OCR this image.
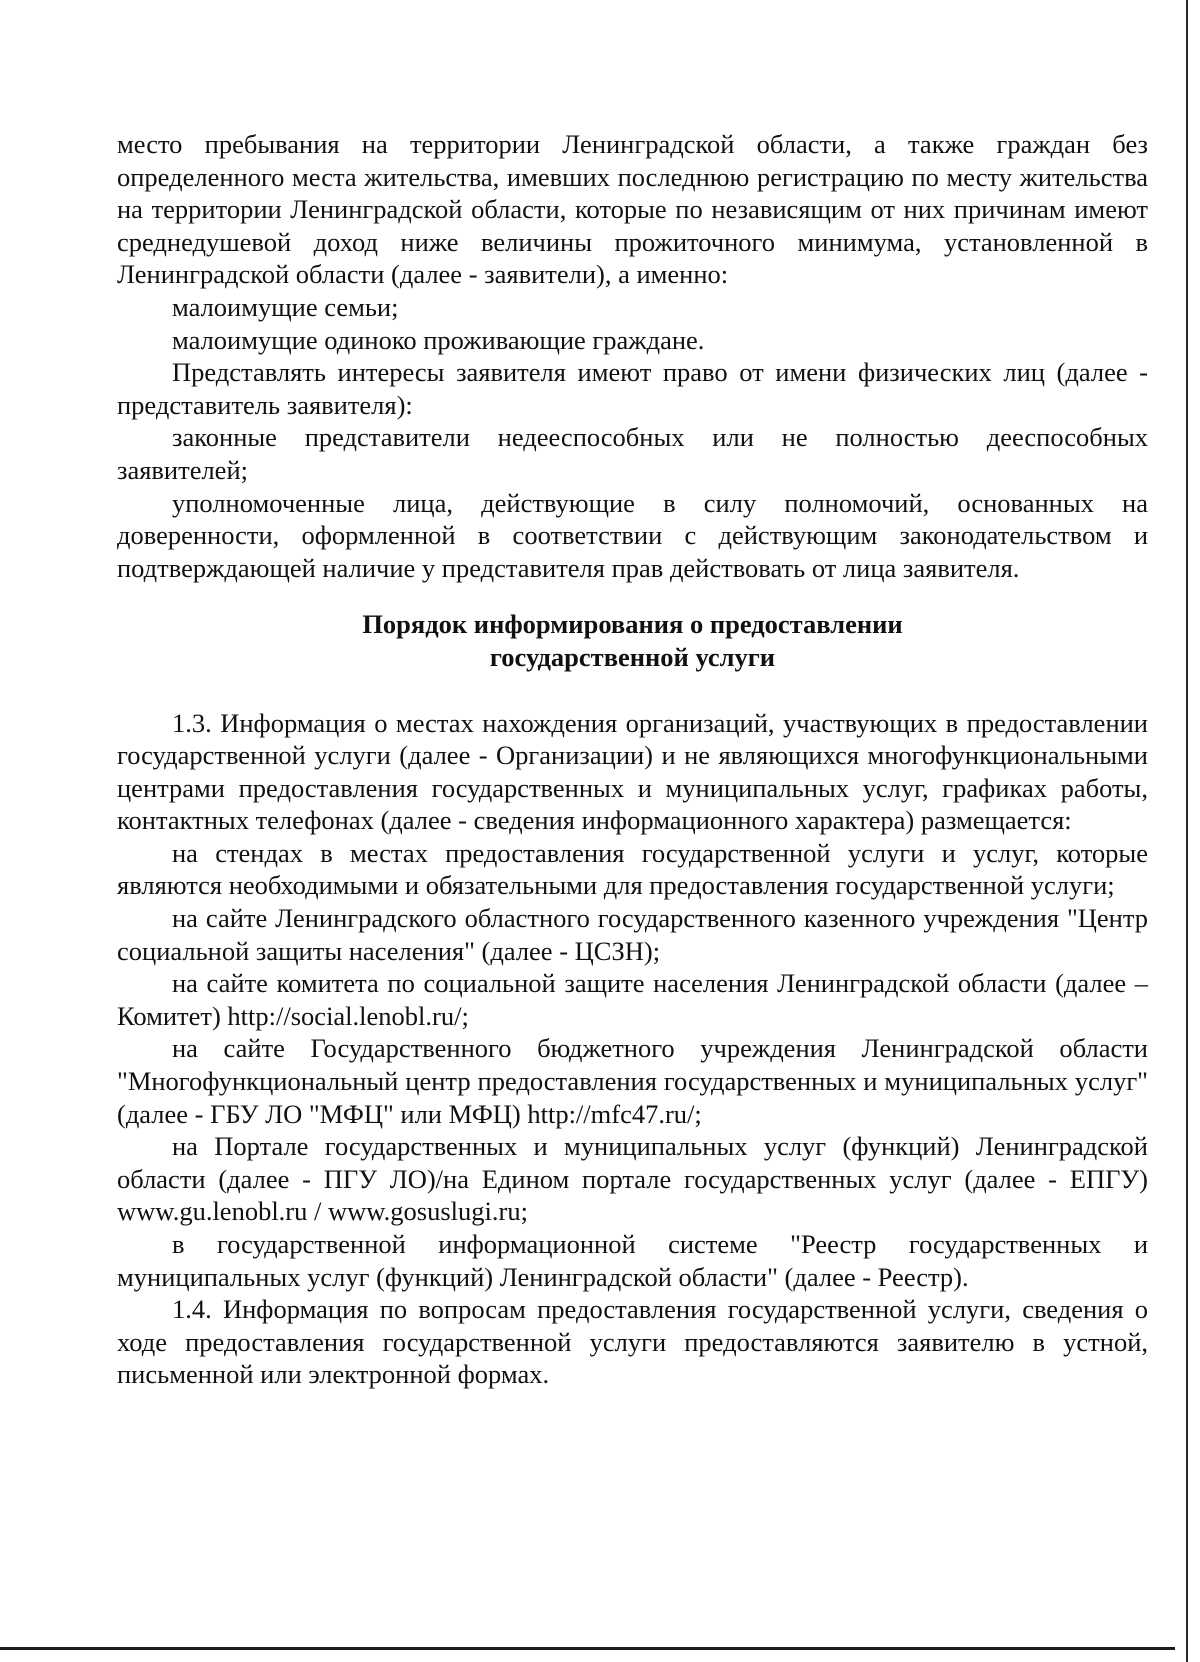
место пребывания на территории Ленинградской области, а также граждан без определенного места жительства, имевших последнюю регистрацию по месту жительства на территории Ленинградской области, которые по независящим от них причинам имеют среднедушевой доход ниже величины прожиточного минимума, установленной в Ленинградской области (далее - заявители), а именно:

малоимущие семьи;

малоимущие одиноко проживающие граждане.

Представлять интересы заявителя имеют право от имени физических лиц (далее - представитель заявителя):

законные представители недееспособных или не полностью дееспособных заявителей;

уполномоченные лица, действующие в силу полномочий, основанных на доверенности, оформленной в соответствии с действующим законодательством и подтверждающей наличие у представителя прав действовать от лица заявителя.

Порядок информирования о предоставлении
государственной услуги

1.3. Информация о местах нахождения организаций, участвующих в предоставлении государственной услуги (далее - Организации) и не являющихся многофункциональными центрами предоставления государственных и муниципальных услуг, графиках работы, контактных телефонах (далее - сведения информационного характера) размещается:

на стендах в местах предоставления государственной услуги и услуг, которые являются необходимыми и обязательными для предоставления государственной услуги;

на сайте Ленинградского областного государственного казенного учреждения "Центр социальной защиты населения" (далее - ЦСЗН);

на сайте комитета по социальной защите населения Ленинградской области (далее – Комитет) http://social.lenobl.ru/;

на сайте Государственного бюджетного учреждения Ленинградской области "Многофункциональный центр предоставления государственных и муниципальных услуг" (далее - ГБУ ЛО "МФЦ" или МФЦ) http://mfc47.ru/;

на Портале государственных и муниципальных услуг (функций) Ленинградской области (далее - ПГУ ЛО)/на Едином портале государственных услуг (далее - ЕПГУ) www.gu.lenobl.ru / www.gosuslugi.ru;

в государственной информационной системе "Реестр государственных и муниципальных услуг (функций) Ленинградской области" (далее - Реестр).

1.4. Информация по вопросам предоставления государственной услуги, сведения о ходе предоставления государственной услуги предоставляются заявителю в устной, письменной или электронной формах.
